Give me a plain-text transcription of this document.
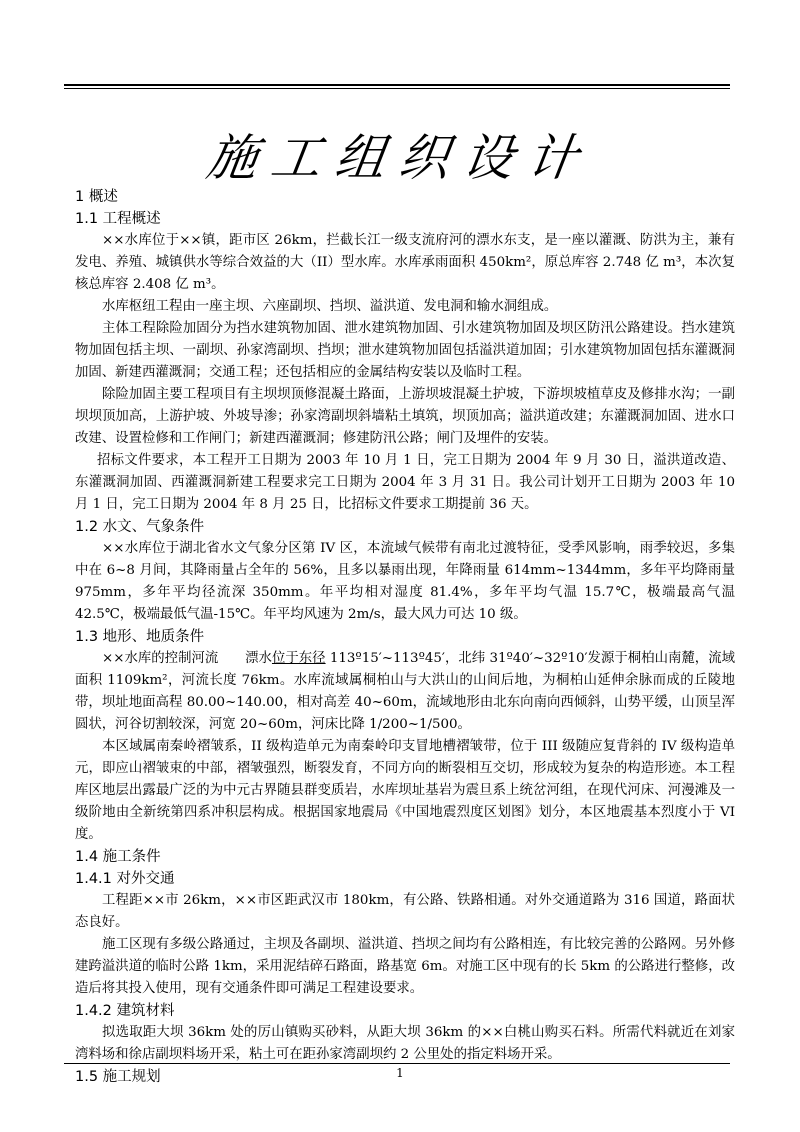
施工组织设计
1 概述
1.1 工程概述

××水库位于××镇，距市区 26km，拦截长江一级支流府河的漂水东支，是一座以灌溉、防洪为主，兼有发电、养殖、城镇供水等综合效益的大（II）型水库。水库承雨面积 450km²，原总库容 2.748 亿 m³，本次复核总库容 2.408 亿 m³。

水库枢纽工程由一座主坝、六座副坝、挡坝、溢洪道、发电洞和输水洞组成。

主体工程除险加固分为挡水建筑物加固、泄水建筑物加固、引水建筑物加固及坝区防汛公路建设。挡水建筑物加固包括主坝、一副坝、孙家湾副坝、挡坝；泄水建筑物加固包括溢洪道加固；引水建筑物加固包括东灌溉洞加固、新建西灌溉洞；交通工程；还包括相应的金属结构安装以及临时工程。

除险加固主要工程项目有主坝坝顶修混凝土路面，上游坝坡混凝土护坡，下游坝坡植草皮及修排水沟；一副坝坝顶加高，上游护坡、外坡导渗；孙家湾副坝斜墙粘土填筑，坝顶加高；溢洪道改建；东灌溉洞加固、进水口改建、设置检修和工作闸门；新建西灌溉洞；修建防汛公路；闸门及埋件的安装。

招标文件要求，本工程开工日期为 2003 年 10 月 1 日，完工日期为 2004 年 9 月 30 日，溢洪道改造、东灌溉洞加固、西灌溉洞新建工程要求完工日期为 2004 年 3 月 31 日。我公司计划开工日期为 2003 年 10 月 1 日，完工日期为 2004 年 8 月 25 日，比招标文件要求工期提前 36 天。

1.2 水文、气象条件

××水库位于湖北省水文气象分区第 IV 区，本流域气候带有南北过渡特征，受季风影响，雨季较迟，多集中在 6~8 月间，其降雨量占全年的 56%，且多以暴雨出现，年降雨量 614mm~1344mm，多年平均降雨量 975mm，多年平均径流深 350mm。年平均相对湿度 81.4%，多年平均气温 15.7℃，极端最高气温 42.5℃，极端最低气温-15℃。年平均风速为 2m/s，最大风力可达 10 级。

1.3 地形、地质条件

××水库的控制河流　　漂水位于东径 113º15′~113º45′，北纬 31º40′~32º10′发源于桐柏山南麓，流域面积 1109km²，河流长度 76km。水库流域属桐柏山与大洪山的山间后地，为桐柏山延伸余脉而成的丘陵地带，坝址地面高程 80.00~140.00，相对高差 40~60m，流域地形由北东向南向西倾斜，山势平缓，山顶呈浑圆状，河谷切割较深，河宽 20~60m，河床比降 1/200~1/500。

本区域属南秦岭褶皱系，II 级构造单元为南秦岭印支冒地槽褶皱带，位于 III 级随应复背斜的 IV 级构造单元，即应山褶皱束的中部，褶皱强烈，断裂发育，不同方向的断裂相互交切，形成较为复杂的构造形迹。本工程库区地层出露最广泛的为中元古界随县群变质岩，水库坝址基岩为震旦系上统岔河组，在现代河床、河漫滩及一级阶地由全新统第四系冲积层构成。根据国家地震局《中国地震烈度区划图》划分，本区地震基本烈度小于 VI 度。

1.4 施工条件
1.4.1 对外交通

工程距××市 26km，××市区距武汉市 180km，有公路、铁路相通。对外交通道路为 316 国道，路面状态良好。

施工区现有多级公路通过，主坝及各副坝、溢洪道、挡坝之间均有公路相连，有比较完善的公路网。另外修建跨溢洪道的临时公路 1km，采用泥结碎石路面，路基宽 6m。对施工区中现有的长 5km 的公路进行整修，改造后将其投入使用，现有交通条件即可满足工程建设要求。

1.4.2 建筑材料

拟选取距大坝 36km 处的厉山镇购买砂料，从距大坝 36km 的××白桃山购买石料。所需代料就近在刘家湾料场和徐店副坝料场开采，粘土可在距孙家湾副坝约 2 公里处的指定料场开采。

1.5 施工规划	1
